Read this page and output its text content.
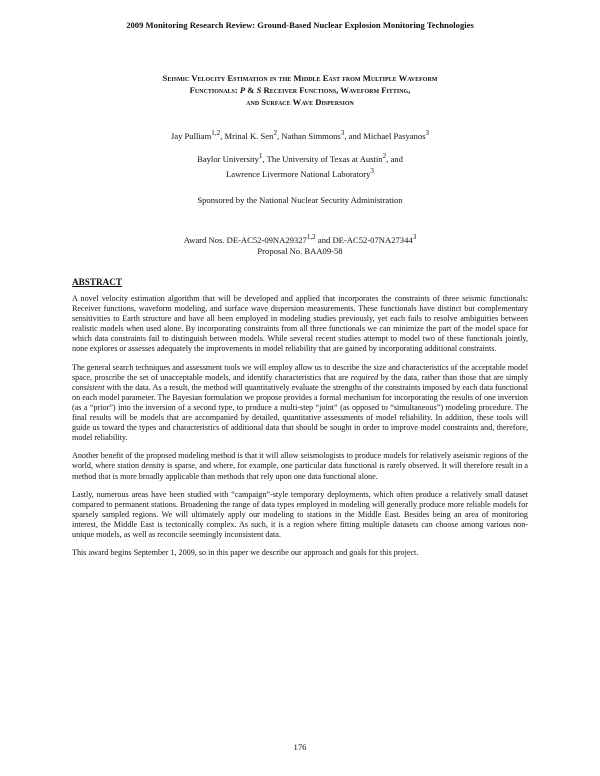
2009 Monitoring Research Review: Ground-Based Nuclear Explosion Monitoring Technologies
Seismic Velocity Estimation in the Middle East from Multiple Waveform
Functionals: P & S Receiver Functions, Waveform Fitting,
and Surface Wave Dispersion
Jay Pulliam$^{1,2}$, Mrinal K. Sen$^2$, Nathan Simmons$^3$, and Michael Pasyanos$^3$
Baylor University$^1$, The University of Texas at Austin$^2$, and
Lawrence Livermore National Laboratory$^3$
Sponsored by the National Nuclear Security Administration
Award Nos. DE-AC52-09NA29327$^{1,2}$ and DE-AC52-07NA27344$^3$
Proposal No. BAA09-58
ABSTRACT

A novel velocity estimation algorithm that will be developed and applied that incorporates the constraints of three seismic functionals: Receiver functions, waveform modeling, and surface wave dispersion measurements. These functionals have distinct but complementary sensitivities to Earth structure and have all been employed in modeling studies previously, yet each fails to resolve ambiguities between realistic models when used alone. By incorporating constraints from all three functionals we can minimize the part of the model space for which data constraints fail to distinguish between models. While several recent studies attempt to model two of these functionals jointly, none explores or assesses adequately the improvements in model reliability that are gained by incorporating additional constraints.

The general search techniques and assessment tools we will employ allow us to describe the size and characteristics of the acceptable model space, proscribe the set of unacceptable models, and identify characteristics that are required by the data, rather than those that are simply consistent with the data. As a result, the method will quantitatively evaluate the strengths of the constraints imposed by each data functional on each model parameter. The Bayesian formulation we propose provides a formal mechanism for incorporating the results of one inversion (as a “prior”) into the inversion of a second type, to produce a multi-step “joint” (as opposed to “simultaneous”) modeling procedure. The final results will be models that are accompanied by detailed, quantitative assessments of model reliability. In addition, these tools will guide us toward the types and characteristics of additional data that should be sought in order to improve model constraints and, therefore, model reliability.

Another benefit of the proposed modeling method is that it will allow seismologists to produce models for relatively aseismic regions of the world, where station density is sparse, and where, for example, one particular data functional is rarely observed. It will therefore result in a method that is more broadly applicable than methods that rely upon one data functional alone.

Lastly, numerous areas have been studied with “campaign”-style temporary deployments, which often produce a relatively small dataset compared to permanent stations. Broadening the range of data types employed in modeling will generally produce more reliable models for sparsely sampled regions. We will ultimately apply our modeling to stations in the Middle East. Besides being an area of monitoring interest, the Middle East is tectonically complex. As such, it is a region where fitting multiple datasets can choose among various non-unique models, as well as reconcile seemingly inconsistent data.

This award begins September 1, 2009, so in this paper we describe our approach and goals for this project.

176
